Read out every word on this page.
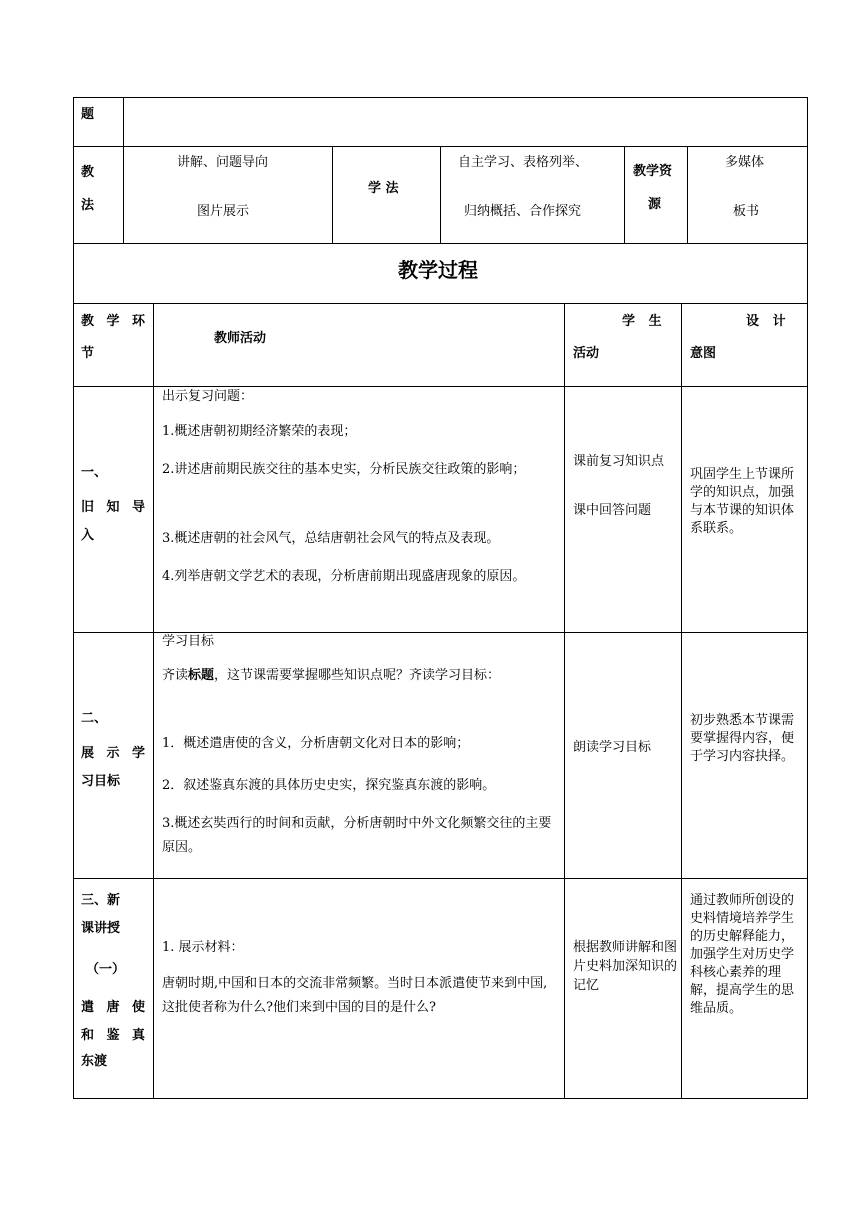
题
教
法
讲解、问题导向
图片展示
学 法
自主学习、表格列举、
归纳概括、合作探究
教学资
源
多媒体
板书
教学过程
教 学 环
节
教师活动
学   生
活动
设   计
意图
一、
旧 知 导
入
出示复习问题：
1.概述唐朝初期经济繁荣的表现；
2.讲述唐前期民族交往的基本史实，分析民族交往政策的影响；
3.概述唐朝的社会风气，总结唐朝社会风气的特点及表现。
4.列举唐朝文学艺术的表现，分析唐前期出现盛唐现象的原因。
课前复习知识点
课中回答问题
巩固学生上节课所学的知识点，加强与本节课的知识体系联系。
二、
展 示 学
习目标
学习目标
齐读标题，这节课需要掌握哪些知识点呢？齐读学习目标：
1．概述遣唐使的含义，分析唐朝文化对日本的影响；
2．叙述鉴真东渡的具体历史史实，探究鉴真东渡的影响。
3.概述玄奘西行的时间和贡献，分析唐朝时中外文化频繁交往的主要原因。
朗读学习目标
初步熟悉本节课需要掌握得内容，便于学习内容抉择。
三、新
课讲授
（一）
遣 唐 使
和 鉴 真
东渡
1. 展示材料：
唐朝时期,中国和日本的交流非常频繁。当时日本派遣使节来到中国,这批使者称为什么?他们来到中国的目的是什么?
根据教师讲解和图片史料加深知识的记忆
通过教师所创设的史料情境培养学生的历史解释能力，加强学生对历史学科核心素养的理解，提高学生的思维品质。
